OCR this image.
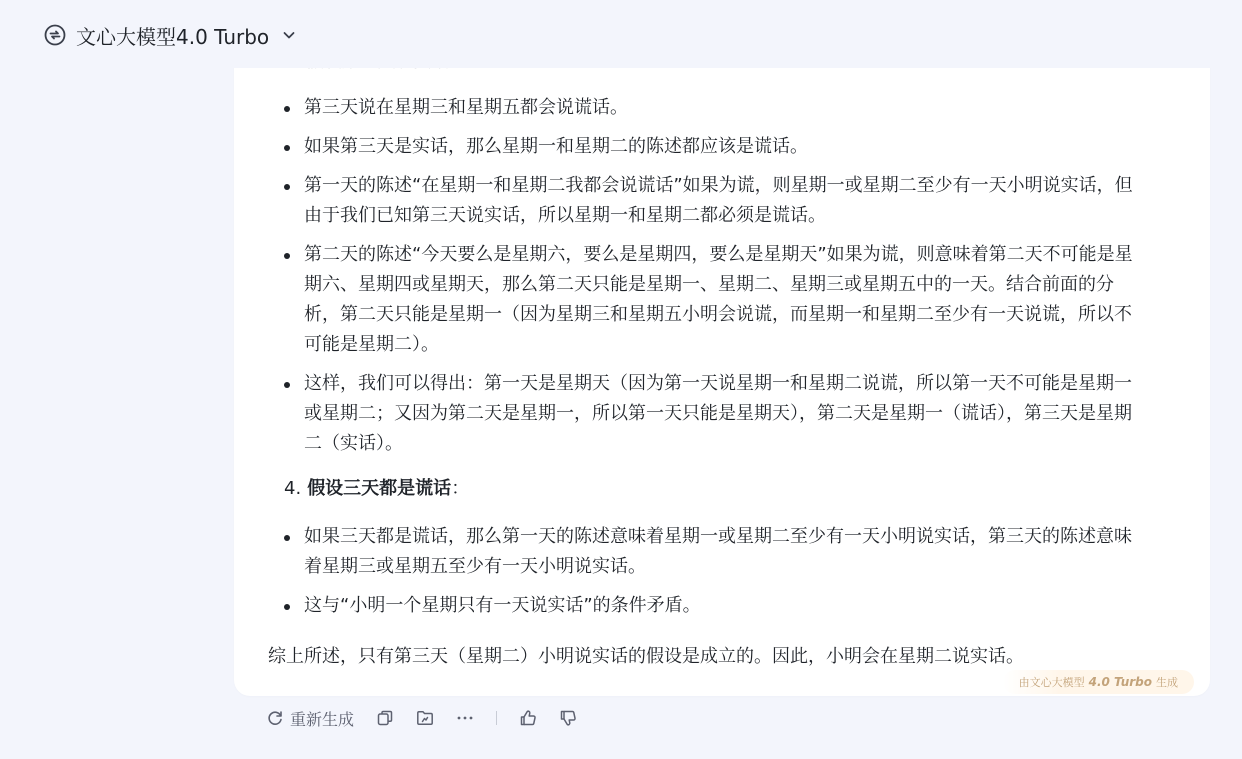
文心大模型4.0 Turbo
第三天说在星期三和星期五都会说谎话。
如果第三天是实话，那么星期一和星期二的陈述都应该是谎话。
第一天的陈述“在星期一和星期二我都会说谎话”如果为谎，则星期一或星期二至少有一天小明说实话，但
由于我们已知第三天说实话，所以星期一和星期二都必须是谎话。
第二天的陈述“今天要么是星期六，要么是星期四，要么是星期天”如果为谎，则意味着第二天不可能是星
期六、星期四或星期天，那么第二天只能是星期一、星期二、星期三或星期五中的一天。结合前面的分
析，第二天只能是星期一（因为星期三和星期五小明会说谎，而星期一和星期二至少有一天说谎，所以不
可能是星期二）。
这样，我们可以得出：第一天是星期天（因为第一天说星期一和星期二说谎，所以第一天不可能是星期一
或星期二；又因为第二天是星期一，所以第一天只能是星期天），第二天是星期一（谎话），第三天是星期
二（实话）。
4. 假设三天都是谎话：
如果三天都是谎话，那么第一天的陈述意味着星期一或星期二至少有一天小明说实话，第三天的陈述意味
着星期三或星期五至少有一天小明说实话。
这与“小明一个星期只有一天说实话”的条件矛盾。
综上所述，只有第三天（星期二）小明说实话的假设是成立的。因此，小明会在星期二说实话。
由文心大模型 4.0 Turbo 生成
重新生成
